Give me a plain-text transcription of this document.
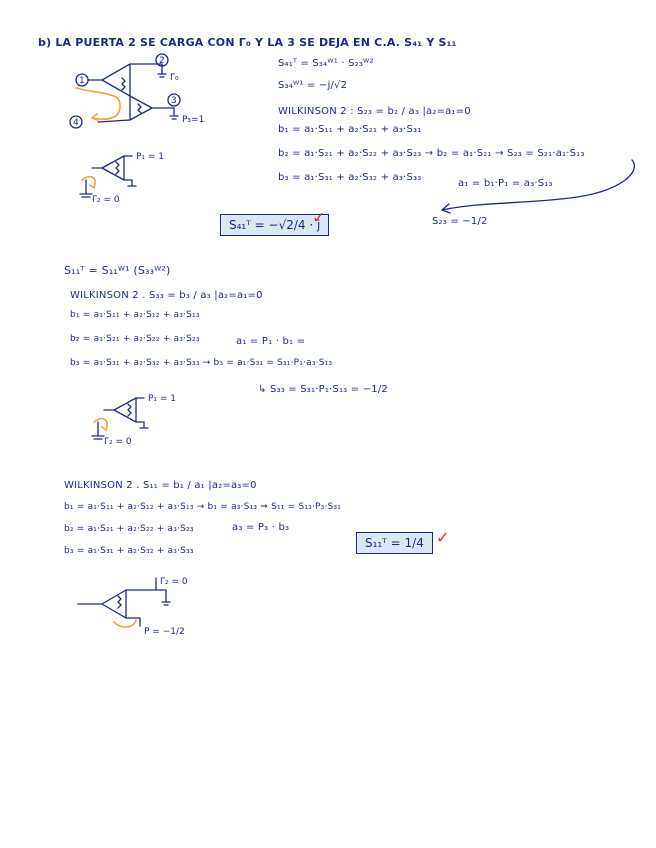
b) LA PUERTA 2 SE CARGA CON Γ₀ Y LA 3 SE DEJA EN C.A. S₄₁ Y S₁₁
1
2
3
4
Γ₀
P₃=1
P₁ = 1
Γ₂ = 0
S₄₁ᵀ = S₃₄ᵂ¹ · S₂₃ᵂ²
S₃₄ᵂ¹ = −j/√2
WILKINSON 2 : S₂₃ = b₂ / a₃ |a₂=a₁=0
b₁ = a₁·S₁₁ + a₂·S₂₁ + a₃·S₃₁
b₂ = a₁·S₂₁ + a₂·S₂₂ + a₃·S₂₃ → b₂ = a₁·S₂₁ → S₂₃ = S₂₁·a₁·S₁₃
b₃ = a₁·S₃₁ + a₂·S₃₂ + a₃·S₃₃
a₁ = b₁·P₁ = a₃·S₁₃
S₂₃ = −1/2
S₄₁ᵀ = −√2/4 · j
✓
S₁₁ᵀ = S₁₁ᵂ¹ (S₃₃ᵂ²)
WILKINSON 2 . S₃₃ = b₃ / a₃ |a₂=a₁=0
b₁ = a₁·S₁₁ + a₂·S₁₂ + a₃·S₁₃
b₂ = a₁·S₂₁ + a₂·S₂₂ + a₃·S₂₃
b₃ = a₁·S₃₁ + a₂·S₃₂ + a₃·S₃₃ → b₃ = a₁·S₃₁ = S₃₁·P₁·a₃·S₁₃
a₁ = P₁ · b₁ =
↳ S₃₃ = S₃₁·P₁·S₁₃ = −1/2
P₁ = 1
Γ₂ = 0
WILKINSON 2 . S₁₁ = b₁ / a₁ |a₂=a₃=0
b₁ = a₁·S₁₁ + a₂·S₁₂ + a₃·S₁₃ → b₁ = a₃·S₁₃ ⇒ S₁₁ = S₁₃·P₃·S₃₁
b₂ = a₁·S₂₁ + a₂·S₂₂ + a₃·S₂₃	a₃ = P₃ · b₃
b₃ = a₁·S₃₁ + a₂·S₃₂ + a₃·S₃₃
S₁₁ᵀ = 1/4 ✓
Γ₂ = 0
P = −1/2
